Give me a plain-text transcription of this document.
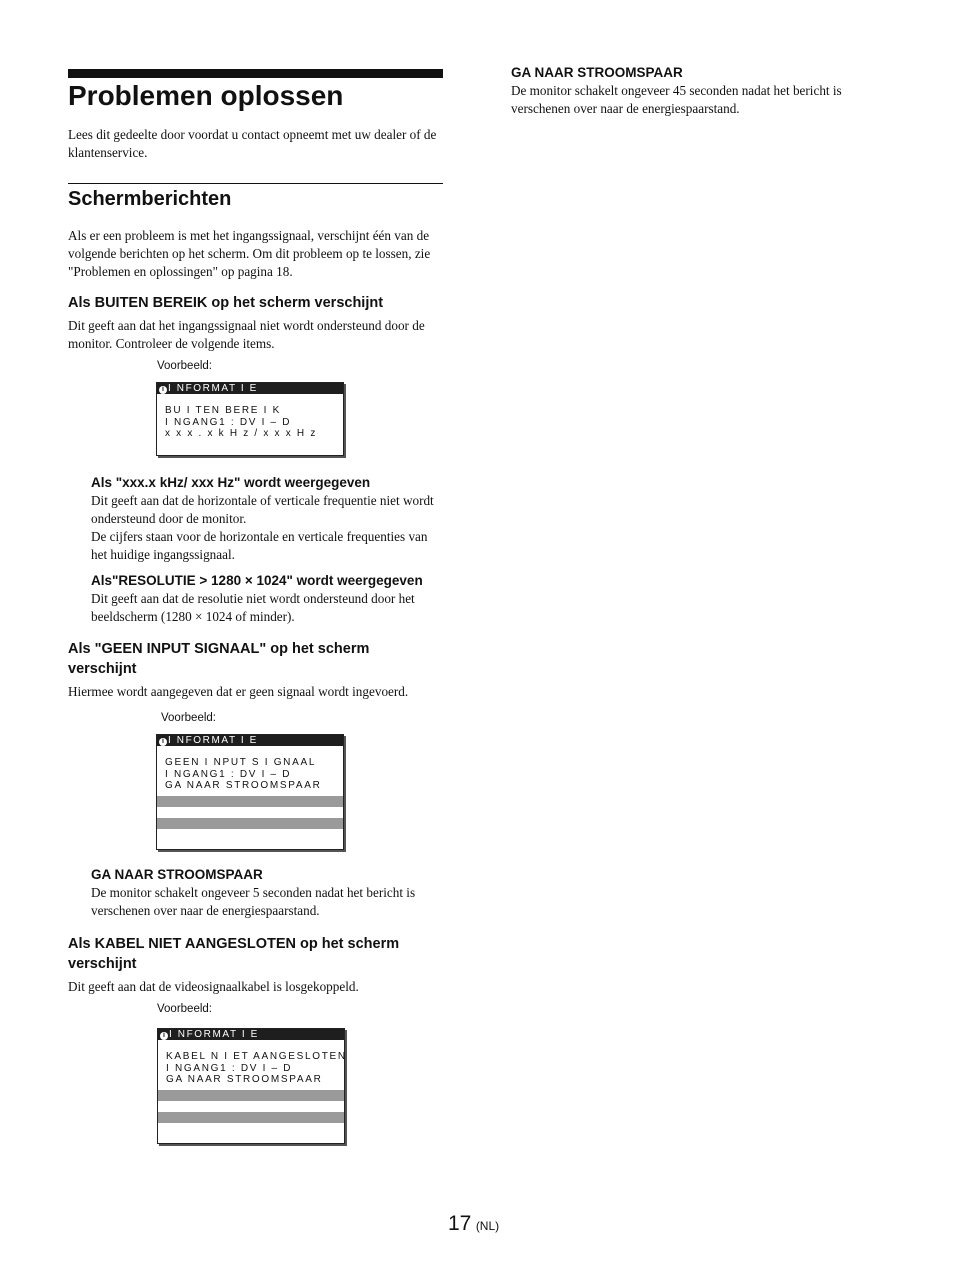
Problemen oplossen
Lees dit gedeelte door voordat u contact opneemt met uw dealer of de klantenservice.
Schermberichten
Als er een probleem is met het ingangssignaal, verschijnt één van de volgende berichten op het scherm. Om dit probleem op te lossen, zie "Problemen en oplossingen" op pagina 18.
Als BUITEN BEREIK op het scherm verschijnt
Dit geeft aan dat het ingangssignaal niet wordt ondersteund door de monitor. Controleer de volgende items.
Voorbeeld:
i I NFORMAT I E
BU I TEN BERE I K
I NGANG1 : DV I – D
x x x . x k H z / x x x H z
Als "xxx.x kHz/ xxx Hz" wordt weergegeven
Dit geeft aan dat de horizontale of verticale frequentie niet wordt ondersteund door de monitor.
De cijfers staan voor de horizontale en verticale frequenties van het huidige ingangssignaal.
Als"RESOLUTIE > 1280 × 1024" wordt weergegeven
Dit geeft aan dat de resolutie niet wordt ondersteund door het beeldscherm (1280 × 1024 of minder).
Als "GEEN INPUT SIGNAAL" op het scherm verschijnt
Hiermee wordt aangegeven dat er geen signaal wordt ingevoerd.
Voorbeeld:
i I NFORMAT I E
GEEN I NPUT S I GNAAL
I NGANG1 : DV I – D
GA NAAR STROOMSPAAR
GA NAAR STROOMSPAAR
De monitor schakelt ongeveer 5 seconden nadat het bericht is verschenen over naar de energiespaarstand.
Als KABEL NIET AANGESLOTEN op het scherm verschijnt
Dit geeft aan dat de videosignaalkabel is losgekoppeld.
Voorbeeld:
i I NFORMAT I E
KABEL N I ET AANGESLOTEN
I NGANG1 : DV I – D
GA NAAR STROOMSPAAR
GA NAAR STROOMSPAAR
De monitor schakelt ongeveer 45 seconden nadat het bericht is verschenen over naar de energiespaarstand.
17 (NL)
